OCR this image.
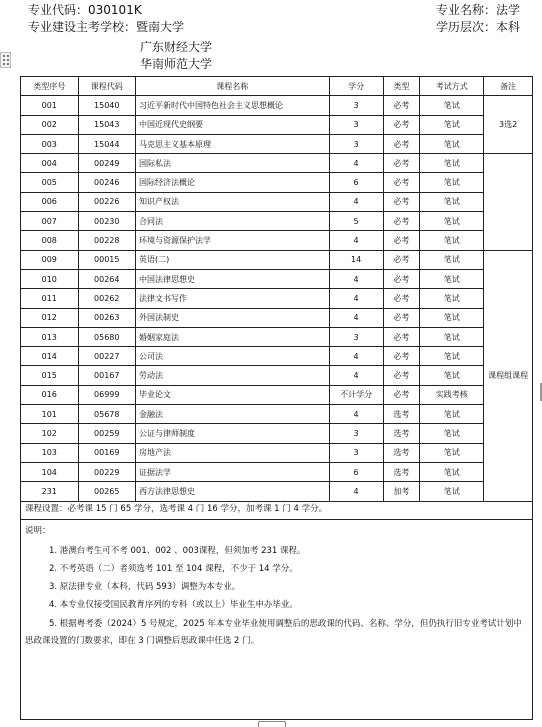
专业代码：030101K
专业建设主考学校：暨南大学
广东财经大学
华南师范大学
专业名称：法学
学历层次：本科
类型序号	课程代码	课程名称	学分	类型	考试方式	备注
001	15040	习近平新时代中国特色社会主义思想概论	3	必考	笔试	3选2
002	15043	中国近现代史纲要	3	必考	笔试	
003	15044	马克思主义基本原理	3	必考	笔试	
004	00249	国际私法	4	必考	笔试	
005	00246	国际经济法概论	6	必考	笔试	
006	00226	知识产权法	4	必考	笔试	
007	00230	合同法	5	必考	笔试	
008	00228	环境与资源保护法学	4	必考	笔试	
009	00015	英语(二)	14	必考	笔试	课程组课程
010	00264	中国法律思想史	4	必考	笔试	
011	00262	法律文书写作	4	必考	笔试	
012	00263	外国法制史	4	必考	笔试	
013	05680	婚姻家庭法	3	必考	笔试	
014	00227	公司法	4	必考	笔试	
015	00167	劳动法	4	必考	笔试	
016	06999	毕业论文	不计学分	必考	实践考核	
101	05678	金融法	4	选考	笔试	
102	00259	公证与律师制度	3	选考	笔试	
103	00169	房地产法	3	选考	笔试	
104	00229	证据法学	6	选考	笔试	
231	00265	西方法律思想史	4	加考	笔试	
课程设置：必考课 15 门 65 学分，选考课 4 门 16 学分，加考课 1 门 4 学分。
说明：
1. 港澳台考生可不考 001、002 、003课程，但须加考 231 课程。
2. 不考英语（二）者须选考 101 至 104 课程，不少于 14 学分。
3. 原法律专业（本科，代码 593）调整为本专业。
4. 本专业仅接受国民教育序列的专科（或以上）毕业生申办毕业。
5. 根据粤考委（2024）5 号规定，2025 年本专业毕业使用调整后的思政课的代码、名称、学分，但仍执行旧专业考试计划中思政课设置的门数要求，即在 3 门调整后思政课中任选 2 门。
